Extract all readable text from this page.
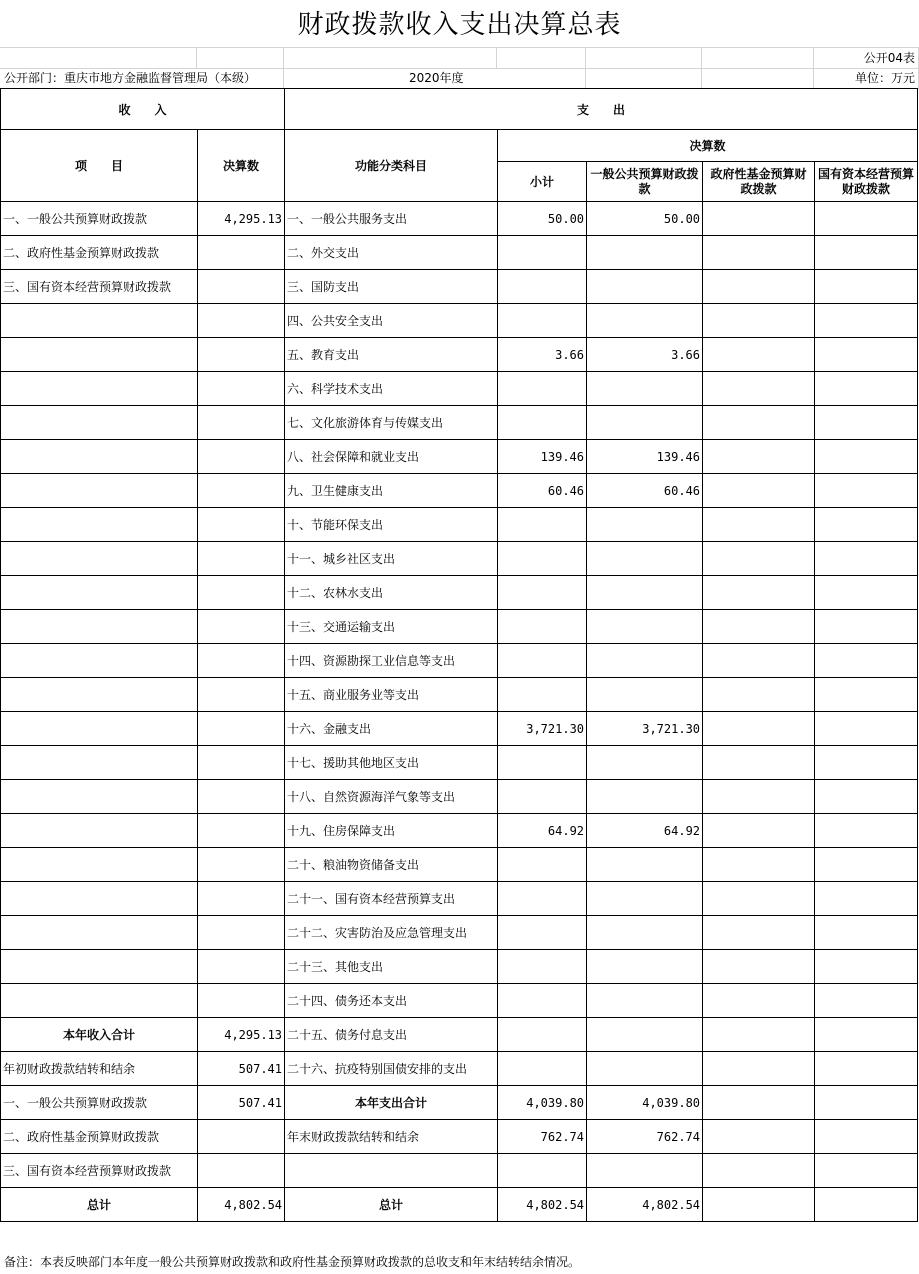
财政拨款收入支出决算总表
公开04表
公开部门：重庆市地方金融监督管理局（本级）	2020年度	单位：万元
收　　入		支　　出				
项　　目	决算数	功能分类科目	决算数			
			小计	一般公共预算财政拨款	政府性基金预算财政拨款	国有资本经营预算财政拨款
一、一般公共预算财政拨款	4,295.13	一、一般公共服务支出	50.00	50.00		
二、政府性基金预算财政拨款		二、外交支出				
三、国有资本经营预算财政拨款		三、国防支出				
		四、公共安全支出				
		五、教育支出	3.66	3.66		
		六、科学技术支出				
		七、文化旅游体育与传媒支出				
		八、社会保障和就业支出	139.46	139.46		
		九、卫生健康支出	60.46	60.46		
		十、节能环保支出				
		十一、城乡社区支出				
		十二、农林水支出				
		十三、交通运输支出				
		十四、资源勘探工业信息等支出				
		十五、商业服务业等支出				
		十六、金融支出	3,721.30	3,721.30		
		十七、援助其他地区支出				
		十八、自然资源海洋气象等支出				
		十九、住房保障支出	64.92	64.92		
		二十、粮油物资储备支出				
		二十一、国有资本经营预算支出				
		二十二、灾害防治及应急管理支出				
		二十三、其他支出				
		二十四、债务还本支出				
本年收入合计	4,295.13	二十五、债务付息支出				
年初财政拨款结转和结余	507.41	二十六、抗疫特别国债安排的支出				
一、一般公共预算财政拨款	507.41	本年支出合计	4,039.80	4,039.80		
二、政府性基金预算财政拨款		年末财政拨款结转和结余	762.74	762.74		
三、国有资本经营预算财政拨款						
总计	4,802.54	总计	4,802.54	4,802.54		
备注：本表反映部门本年度一般公共预算财政拨款和政府性基金预算财政拨款的总收支和年末结转结余情况。
